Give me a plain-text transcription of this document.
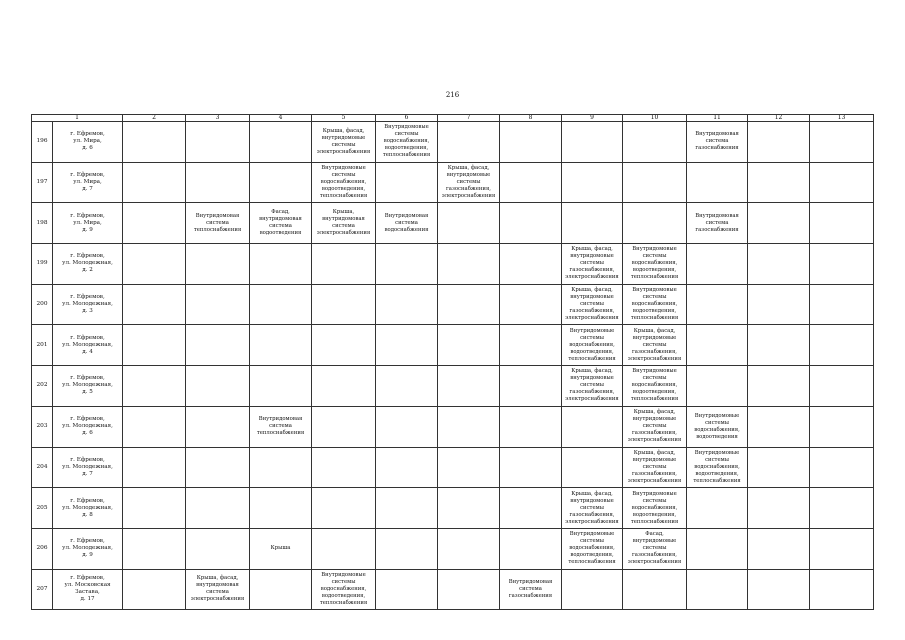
216
1		2	3	4	5	6	7	8	9	10	11	12	13

196	г. Ефремов,
ул. Мира,
д. 6				Крыша, фасад,
внутридомовые
системы
электроснабжения	Внутридомовые
системы
водоснабжения,
водоотведения,
теплоснабжения					Внутридомовая
система
газоснабжения		

197	г. Ефремов,
ул. Мира,
д. 7				Внутридомовые
системы
водоснабжения,
водоотведения,
теплоснабжения		Крыша, фасад,
внутридомовые
системы
газоснабжения,
электроснабжения						

198	г. Ефремов,
ул. Мира,
д. 9		Внутридомовая
система
теплоснабжения	Фасад,
внутридомовая
система
водоотведения	Крыша,
внутридомовая
система
электроснабжения	Внутридомовая
система
водоснабжения					Внутридомовая
система
газоснабжения		

199	г. Ефремов,
ул. Молодежная,
д. 2								Крыша, фасад,
внутридомовые
системы
газоснабжения,
электроснабжения	Внутридомовые
системы
водоснабжения,
водоотведения,
теплоснабжения			

200	г. Ефремов,
ул. Молодежная,
д. 3								Крыша, фасад,
внутридомовые
системы
газоснабжения,
электроснабжения	Внутридомовые
системы
водоснабжения,
водоотведения,
теплоснабжения			

201	г. Ефремов,
ул. Молодежная,
д. 4								Внутридомовые
системы
водоснабжения,
водоотведения,
теплоснабжения	Крыша, фасад,
внутридомовые
системы
газоснабжения,
электроснабжения			

202	г. Ефремов,
ул. Молодежная,
д. 5								Крыша, фасад,
внутридомовые
системы
газоснабжения,
электроснабжения	Внутридомовые
системы
водоснабжения,
водоотведения,
теплоснабжения			

203	г. Ефремов,
ул. Молодежная,
д. 6			Внутридомовая
система
теплоснабжения						Крыша, фасад,
внутридомовые
системы
газоснабжения,
электроснабжения	Внутридомовые
системы
водоснабжения,
водоотведения		

204	г. Ефремов,
ул. Молодежная,
д. 7									Крыша, фасад,
внутридомовые
системы
газоснабжения,
электроснабжения	Внутридомовые
системы
водоснабжения,
водоотведения,
теплоснабжения		

205	г. Ефремов,
ул. Молодежная,
д. 8								Крыша, фасад,
внутридомовые
системы
газоснабжения,
электроснабжения	Внутридомовые
системы
водоснабжения,
водоотведения,
теплоснабжения			

206	г. Ефремов,
ул. Молодежная,
д. 9			Крыша					Внутридомовые
системы
водоснабжения,
водоотведения,
теплоснабжения	Фасад,
внутридомовые
системы
газоснабжения,
электроснабжения			

207	г. Ефремов,
ул. Московская
Застава,
д. 17		Крыша, фасад,
внутридомовая
система
электроснабжения		Внутридомовые
системы
водоснабжения,
водоотведения,
теплоснабжения			Внутридомовая
система
газоснабжения					
